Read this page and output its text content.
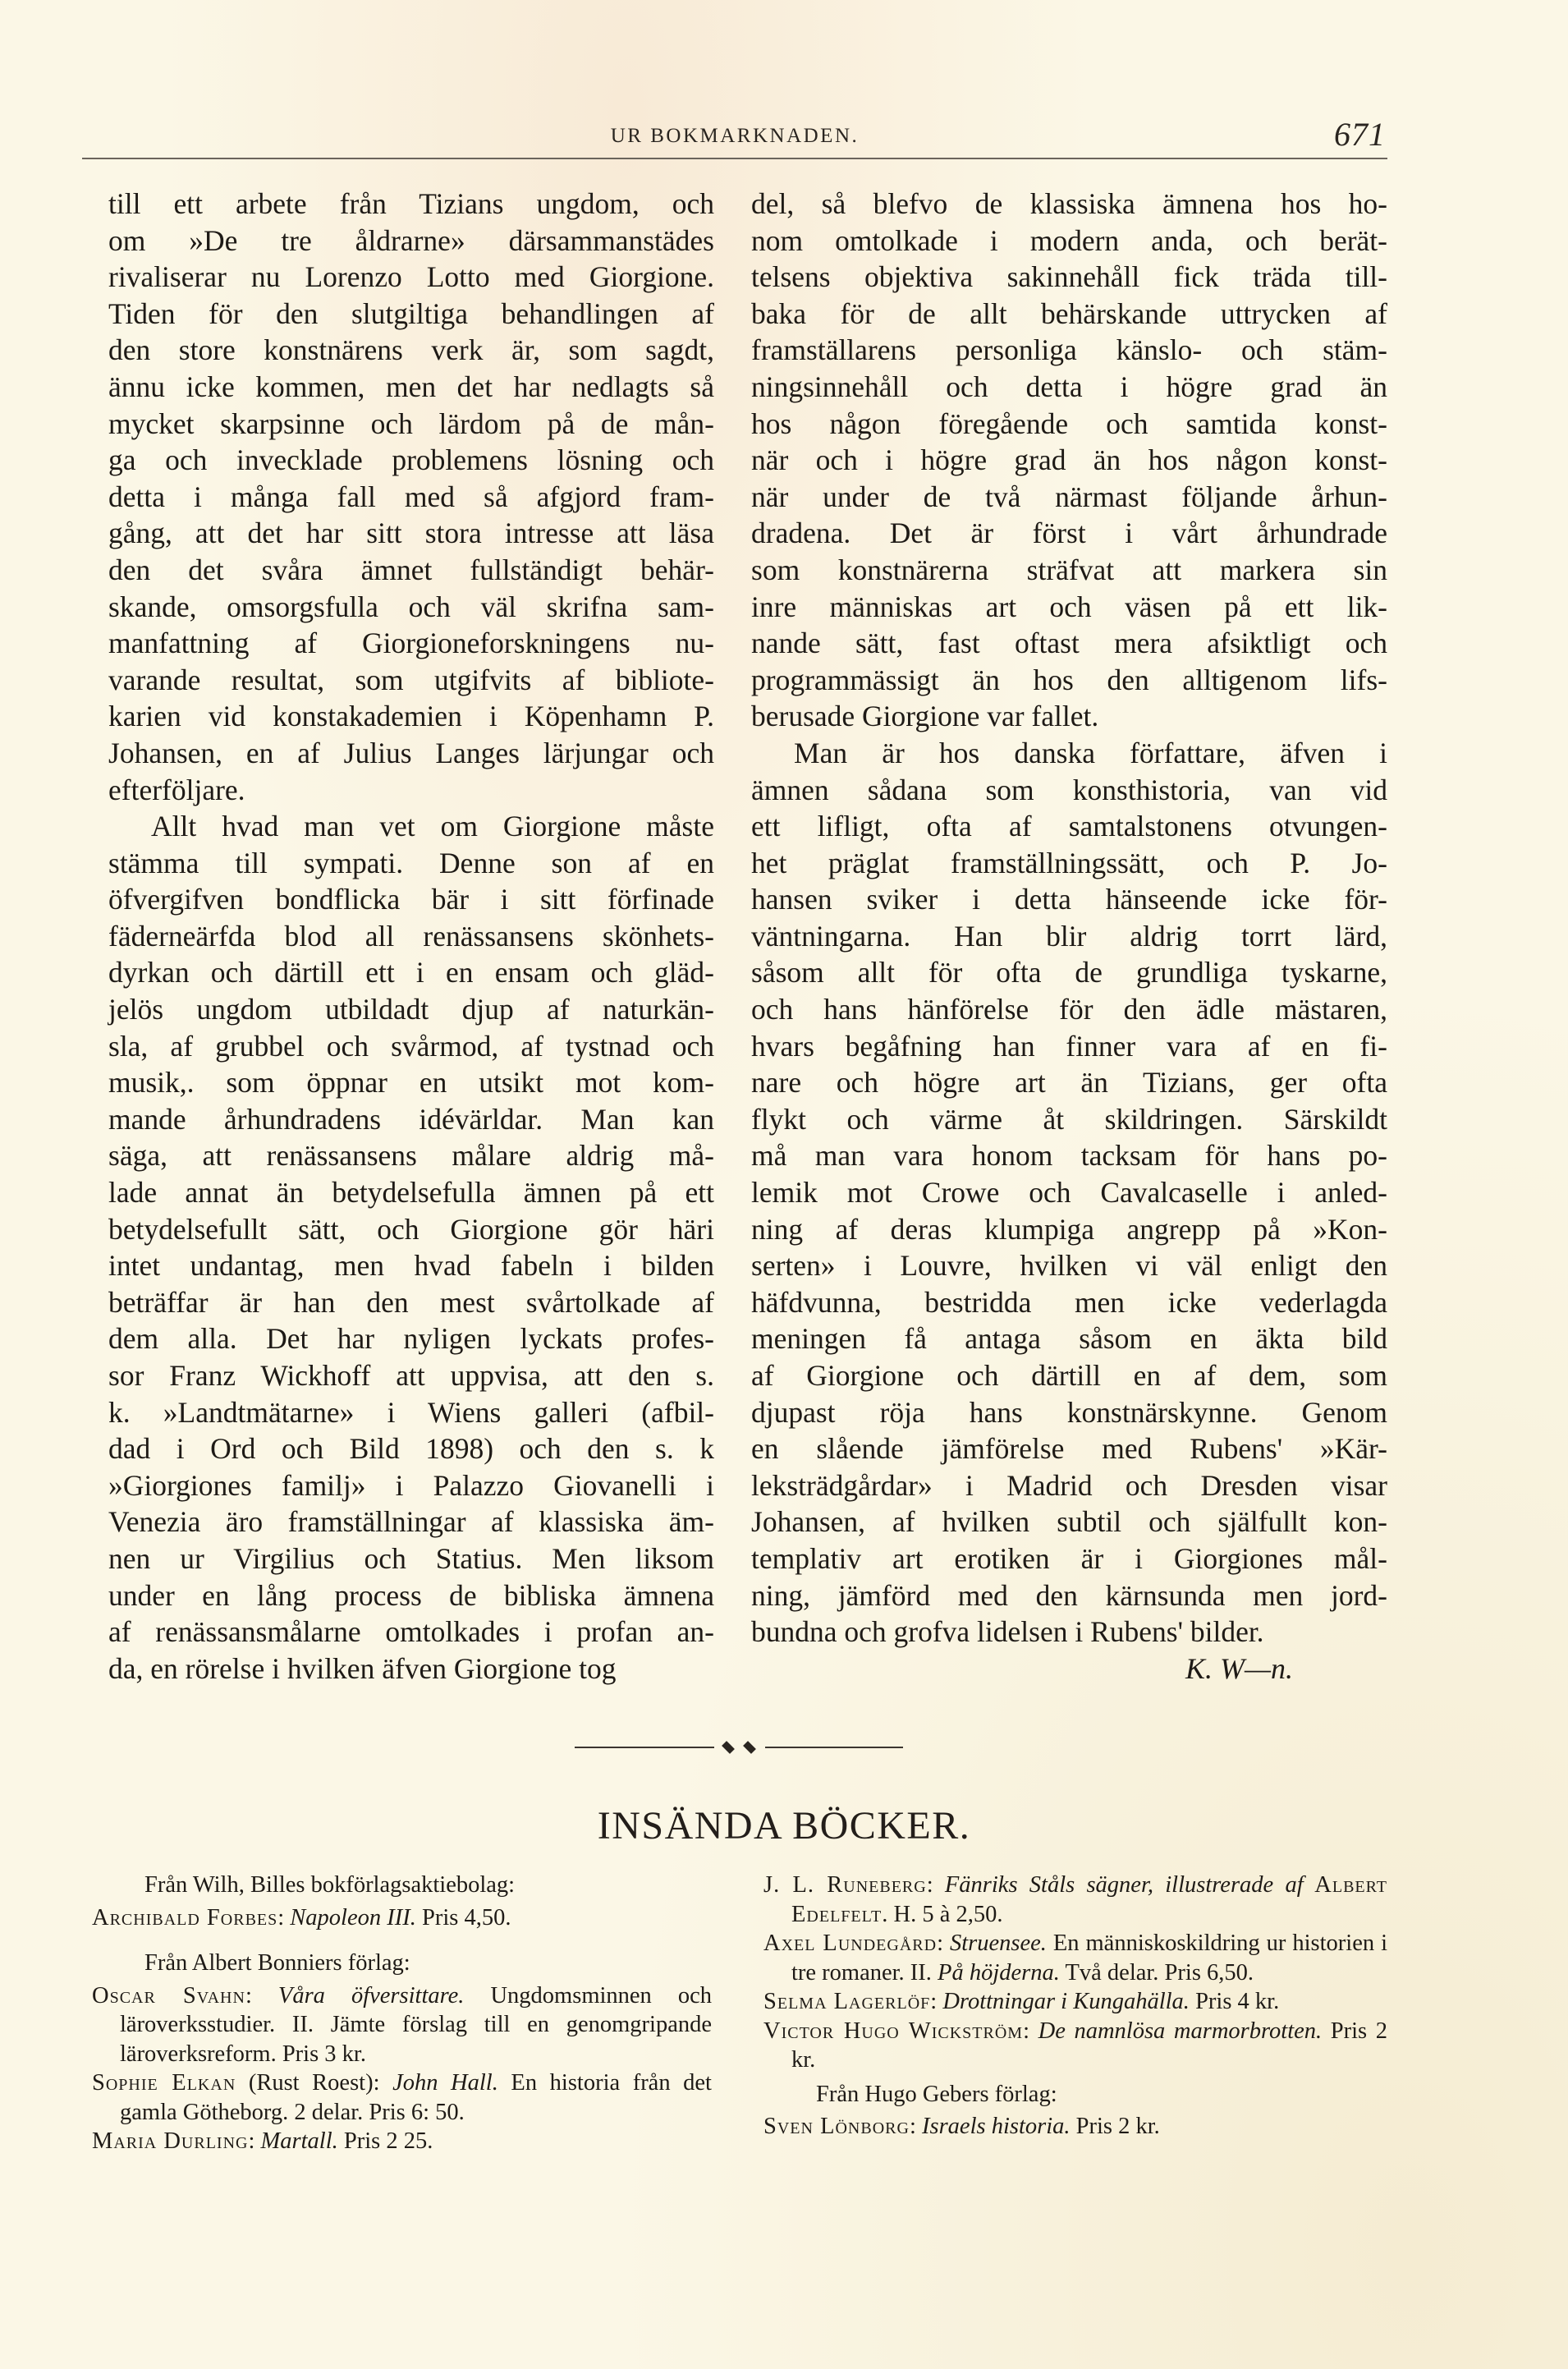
UR BOKMARKNADEN.	671
till ett arbete från Tizians ungdom, och
om »De tre åldrarne» därsammanstädes
rivaliserar nu Lorenzo Lotto med Giorgione.
Tiden för den slutgiltiga behandlingen af
den store konstnärens verk är, som sagdt,
ännu icke kommen, men det har nedlagts så
mycket skarpsinne och lärdom på de mån-
ga och invecklade problemens lösning och
detta i många fall med så afgjord fram-
gång, att det har sitt stora intresse att läsa
den det svåra ämnet fullständigt behär-
skande, omsorgsfulla och väl skrifna sam-
manfattning af Giorgioneforskningens nu-
varande resultat, som utgifvits af bibliote-
karien vid konstakademien i Köpenhamn P.
Johansen, en af Julius Langes lärjungar och
efterföljare.
Allt hvad man vet om Giorgione måste
stämma till sympati. Denne son af en
öfvergifven bondflicka bär i sitt förfinade
fäderneärfda blod all renässansens skönhets-
dyrkan och därtill ett i en ensam och gläd-
jelös ungdom utbildadt djup af naturkän-
sla, af grubbel och svårmod, af tystnad och
musik,. som öppnar en utsikt mot kom-
mande århundradens idévärldar. Man kan
säga, att renässansens målare aldrig må-
lade annat än betydelsefulla ämnen på ett
betydelsefullt sätt, och Giorgione gör häri
intet undantag, men hvad fabeln i bilden
beträffar är han den mest svårtolkade af
dem alla. Det har nyligen lyckats profes-
sor Franz Wickhoff att uppvisa, att den s.
k. »Landtmätarne» i Wiens galleri (afbil-
dad i Ord och Bild 1898) och den s. k
»Giorgiones familj» i Palazzo Giovanelli i
Venezia äro framställningar af klassiska äm-
nen ur Virgilius och Statius. Men liksom
under en lång process de bibliska ämnena
af renässansmålarne omtolkades i profan an-
da, en rörelse i hvilken äfven Giorgione tog
del, så blefvo de klassiska ämnena hos ho-
nom omtolkade i modern anda, och berät-
telsens objektiva sakinnehåll fick träda till-
baka för de allt behärskande uttrycken af
framställarens personliga känslo- och stäm-
ningsinnehåll och detta i högre grad än
hos någon föregående och samtida konst-
när och i högre grad än hos någon konst-
när under de två närmast följande århun-
dradena. Det är först i vårt århundrade
som konstnärerna sträfvat att markera sin
inre människas art och väsen på ett lik-
nande sätt, fast oftast mera afsiktligt och
programmässigt än hos den alltigenom lifs-
berusade Giorgione var fallet.
Man är hos danska författare, äfven i
ämnen sådana som konsthistoria, van vid
ett lifligt, ofta af samtalstonens otvungen-
het präglat framställningssätt, och P. Jo-
hansen sviker i detta hänseende icke för-
väntningarna. Han blir aldrig torrt lärd,
såsom allt för ofta de grundliga tyskarne,
och hans hänförelse för den ädle mästaren,
hvars begåfning han finner vara af en fi-
nare och högre art än Tizians, ger ofta
flykt och värme åt skildringen. Särskildt
må man vara honom tacksam för hans po-
lemik mot Crowe och Cavalcaselle i anled-
ning af deras klumpiga angrepp på »Kon-
serten» i Louvre, hvilken vi väl enligt den
häfdvunna, bestridda men icke vederlagda
meningen få antaga såsom en äkta bild
af Giorgione och därtill en af dem, som
djupast röja hans konstnärskynne. Genom
en slående jämförelse med Rubens' »Kär-
leksträdgårdar» i Madrid och Dresden visar
Johansen, af hvilken subtil och själfullt kon-
templativ art erotiken är i Giorgiones mål-
ning, jämförd med den kärnsunda men jord-
bundna och grofva lidelsen i Rubens' bilder.
K. W—n.
INSÄNDA BÖCKER.
Från Wilh, Billes bokförlagsaktiebolag:
Archibald Forbes: Napoleon III. Pris 4,50.
Från Albert Bonniers förlag:
Oscar Svahn: Våra öfversittare. Ungdomsminnen och läroverksstudier. II. Jämte förslag till en genomgripande läroverksreform. Pris 3 kr.
Sophie Elkan (Rust Roest): John Hall. En historia från det gamla Götheborg. 2 delar. Pris 6: 50.
Maria Durling: Martall. Pris 2 25.
J. L. Runeberg: Fänriks Ståls sägner, illustrerade af Albert Edelfelt. H. 5 à 2,50.
Axel Lundegård: Struensee. En människoskildring ur historien i tre romaner. II. På höjderna. Två delar. Pris 6,50.
Selma Lagerlöf: Drottningar i Kungahälla. Pris 4 kr.
Victor Hugo Wickström: De namnlösa marmorbrotten. Pris 2 kr.
Från Hugo Gebers förlag:
Sven Lönborg: Israels historia. Pris 2 kr.
